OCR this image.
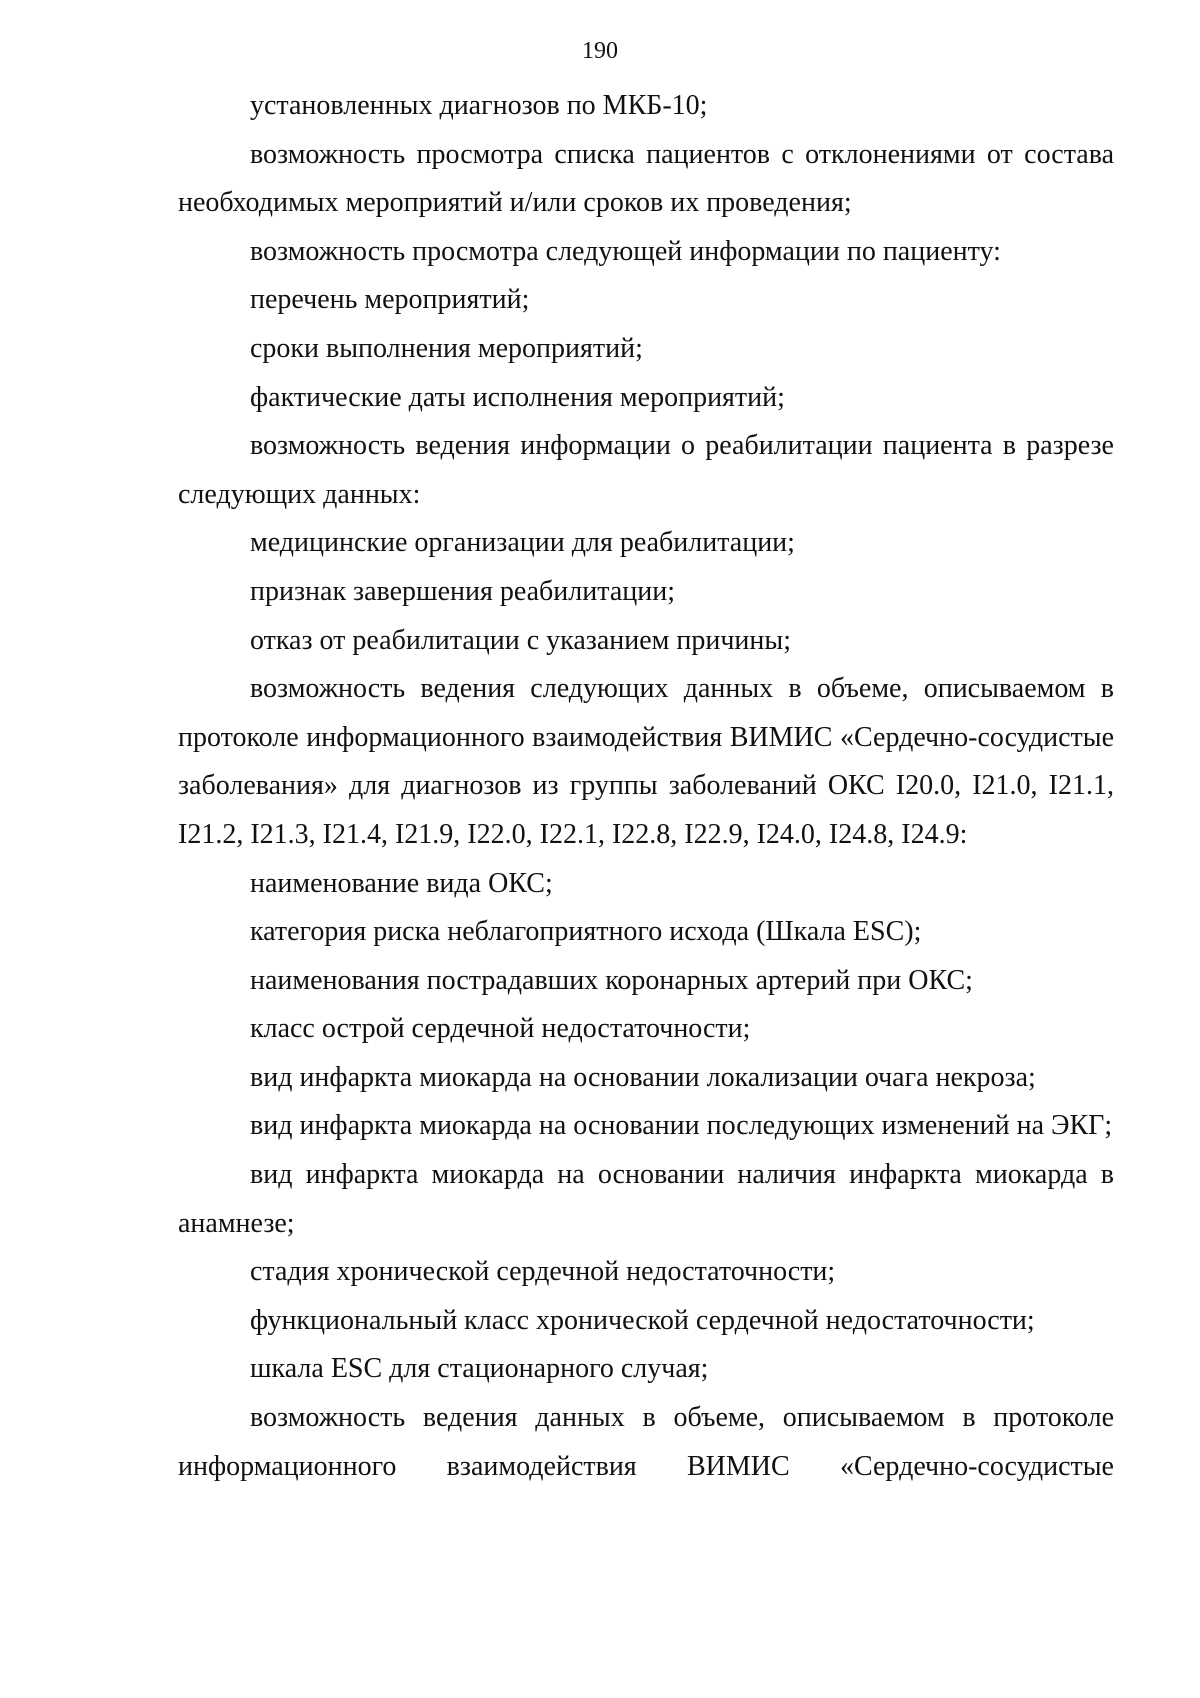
190

установленных диагнозов по МКБ-10;

возможность просмотра списка пациентов с отклонениями от состава необходимых мероприятий и/или сроков их проведения;

возможность просмотра следующей информации по пациенту:

перечень мероприятий;

сроки выполнения мероприятий;

фактические даты исполнения мероприятий;

возможность ведения информации о реабилитации пациента в разрезе следующих данных:

медицинские организации для реабилитации;

признак завершения реабилитации;

отказ от реабилитации с указанием причины;

возможность ведения следующих данных в объеме, описываемом в протоколе информационного взаимодействия ВИМИС «Сердечно-сосудистые заболевания» для диагнозов из группы заболеваний ОКС I20.0, I21.0, I21.1, I21.2, I21.3, I21.4, I21.9, I22.0, I22.1, I22.8, I22.9, I24.0, I24.8, I24.9:

наименование вида ОКС;

категория риска неблагоприятного исхода (Шкала ESC);

наименования пострадавших коронарных артерий при ОКС;

класс острой сердечной недостаточности;

вид инфаркта миокарда на основании локализации очага некроза;

вид инфаркта миокарда на основании последующих изменений на ЭКГ;

вид инфаркта миокарда на основании наличия инфаркта миокарда в анамнезе;

стадия хронической сердечной недостаточности;

функциональный класс хронической сердечной недостаточности;

шкала ESC для стационарного случая;

возможность ведения данных в объеме, описываемом в протоколе информационного взаимодействия ВИМИС «Сердечно-сосудистые
